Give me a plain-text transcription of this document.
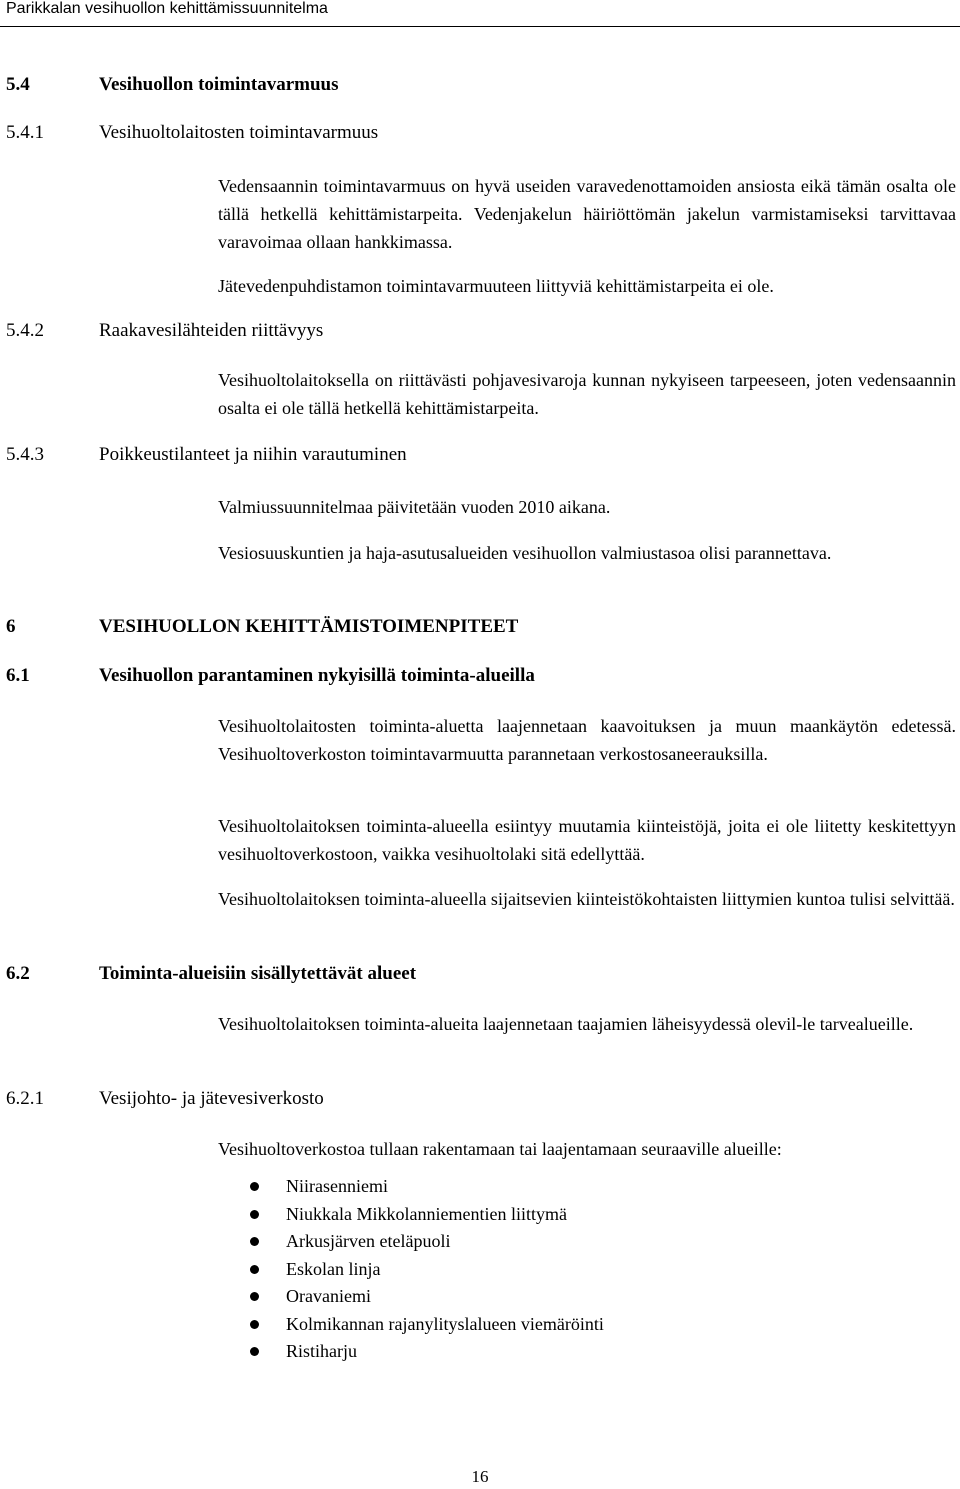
Parikkalan vesihuollon kehittämissuunnitelma
5.4	Vesihuollon toimintavarmuus
5.4.1	Vesihuoltolaitosten toimintavarmuus
Vedensaannin toimintavarmuus on hyvä useiden varavedenottamoiden ansiosta eikä tämän osalta ole tällä hetkellä kehittämistarpeita. Vedenjakelun häiriöttömän jakelun varmistamiseksi tarvittavaa varavoimaa ollaan hankkimassa.
Jätevedenpuhdistamon toimintavarmuuteen liittyviä kehittämistarpeita ei ole.
5.4.2	Raakavesilähteiden riittävyys
Vesihuoltolaitoksella on riittävästi pohjavesivaroja kunnan nykyiseen tarpeeseen, joten vedensaannin osalta ei ole tällä hetkellä kehittämistarpeita.
5.4.3	Poikkeustilanteet ja niihin varautuminen
Valmiussuunnitelmaa päivitetään vuoden 2010 aikana.
Vesiosuuskuntien ja haja-asutusalueiden vesihuollon valmiustasoa olisi parannettava.
6	VESIHUOLLON KEHITTÄMISTOIMENPITEET
6.1	Vesihuollon parantaminen nykyisillä toiminta-alueilla
Vesihuoltolaitosten toiminta-aluetta laajennetaan kaavoituksen ja muun maankäytön edetessä. Vesihuoltoverkoston toimintavarmuutta parannetaan verkostosaneerauksilla.
Vesihuoltolaitoksen toiminta-alueella esiintyy muutamia kiinteistöjä, joita ei ole liitetty keskitettyyn vesihuoltoverkostoon, vaikka vesihuoltolaki sitä edellyttää.
Vesihuoltolaitoksen toiminta-alueella sijaitsevien kiinteistökohtaisten liittymien kuntoa tulisi selvittää.
6.2	Toiminta-alueisiin sisällytettävät alueet
Vesihuoltolaitoksen toiminta-alueita laajennetaan taajamien läheisyydessä olevil-le tarvealueille.
6.2.1	Vesijohto- ja jätevesiverkosto
Vesihuoltoverkostoa tullaan rakentamaan tai laajentamaan seuraaville alueille:
Niirasenniemi
Niukkala Mikkolanniementien liittymä
Arkusjärven eteläpuoli
Eskolan linja
Oravaniemi
Kolmikannan rajanylityslalueen viemäröinti
Ristiharju
16
